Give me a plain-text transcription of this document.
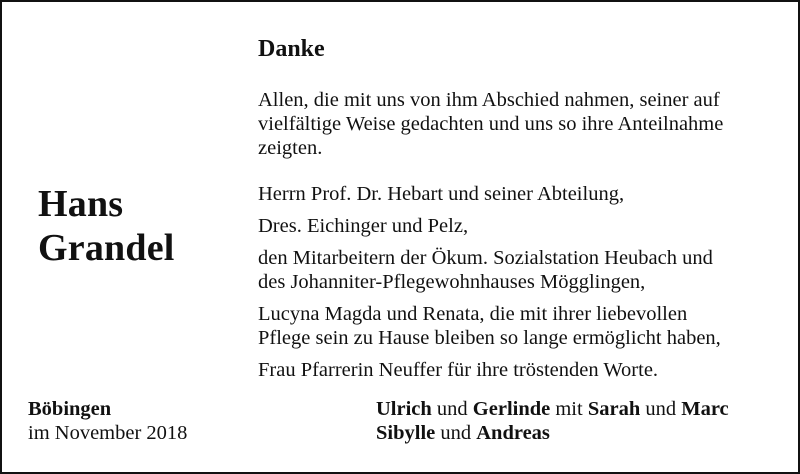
Hans
Grandel
Danke
Allen, die mit uns von ihm Abschied nahmen, seiner auf
vielfältige Weise gedachten und uns so ihre Anteilnahme
zeigten.
Herrn Prof. Dr. Hebart und seiner Abteilung,
Dres. Eichinger und Pelz,
den Mitarbeitern der Ökum. Sozialstation Heubach und
des Johanniter-Pflegewohnhauses Mögglingen,
Lucyna Magda und Renata, die mit ihrer liebevollen
Pflege sein zu Hause bleiben so lange ermöglicht haben,
Frau Pfarrerin Neuffer für ihre tröstenden Worte.
Böbingen
im November 2018
Ulrich und Gerlinde mit Sarah und Marc
Sibylle und Andreas
